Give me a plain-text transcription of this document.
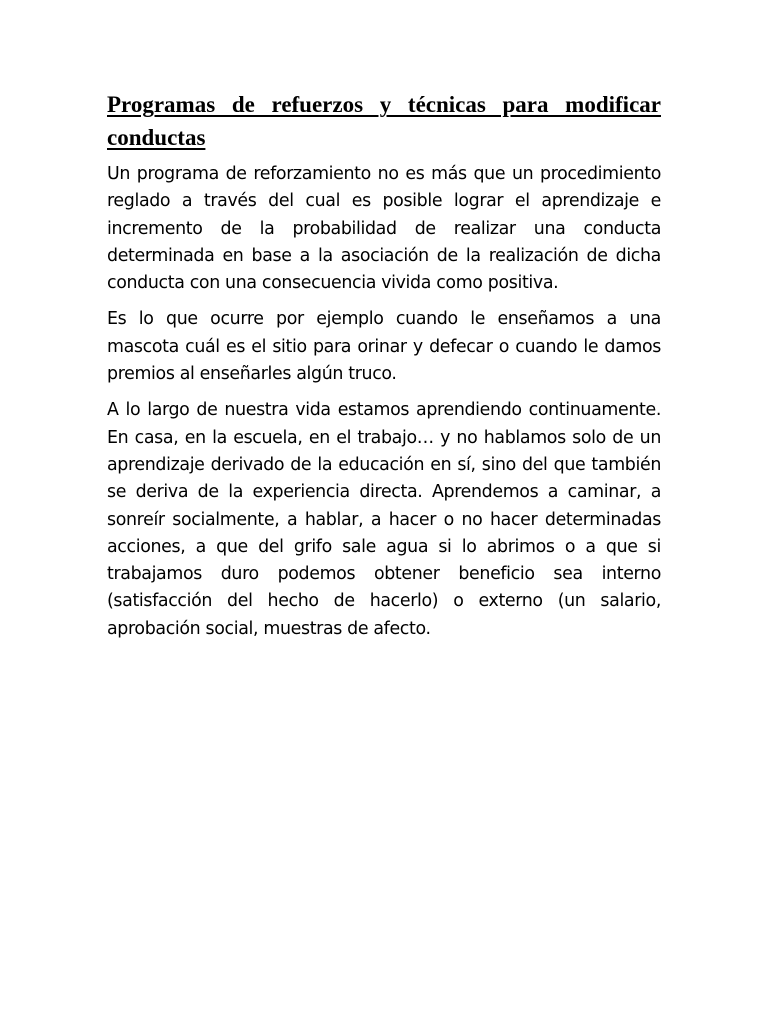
Programas de refuerzos y técnicas para modificar conductas

Un programa de reforzamiento no es más que un procedimiento reglado a través del cual es posible lograr el aprendizaje e incremento de la probabilidad de realizar una conducta determinada en base a la asociación de la realización de dicha conducta con una consecuencia vivida como positiva.

Es lo que ocurre por ejemplo cuando le enseñamos a una mascota cuál es el sitio para orinar y defecar o cuando le damos premios al enseñarles algún truco.

A lo largo de nuestra vida estamos aprendiendo continuamente. En casa, en la escuela, en el trabajo… y no hablamos solo de un aprendizaje derivado de la educación en sí, sino del que también se deriva de la experiencia directa. Aprendemos a caminar, a sonreír socialmente, a hablar, a hacer o no hacer determinadas acciones, a que del grifo sale agua si lo abrimos o a que si trabajamos duro podemos obtener beneficio sea interno (satisfacción del hecho de hacerlo) o externo (un salario, aprobación social, muestras de afecto.
